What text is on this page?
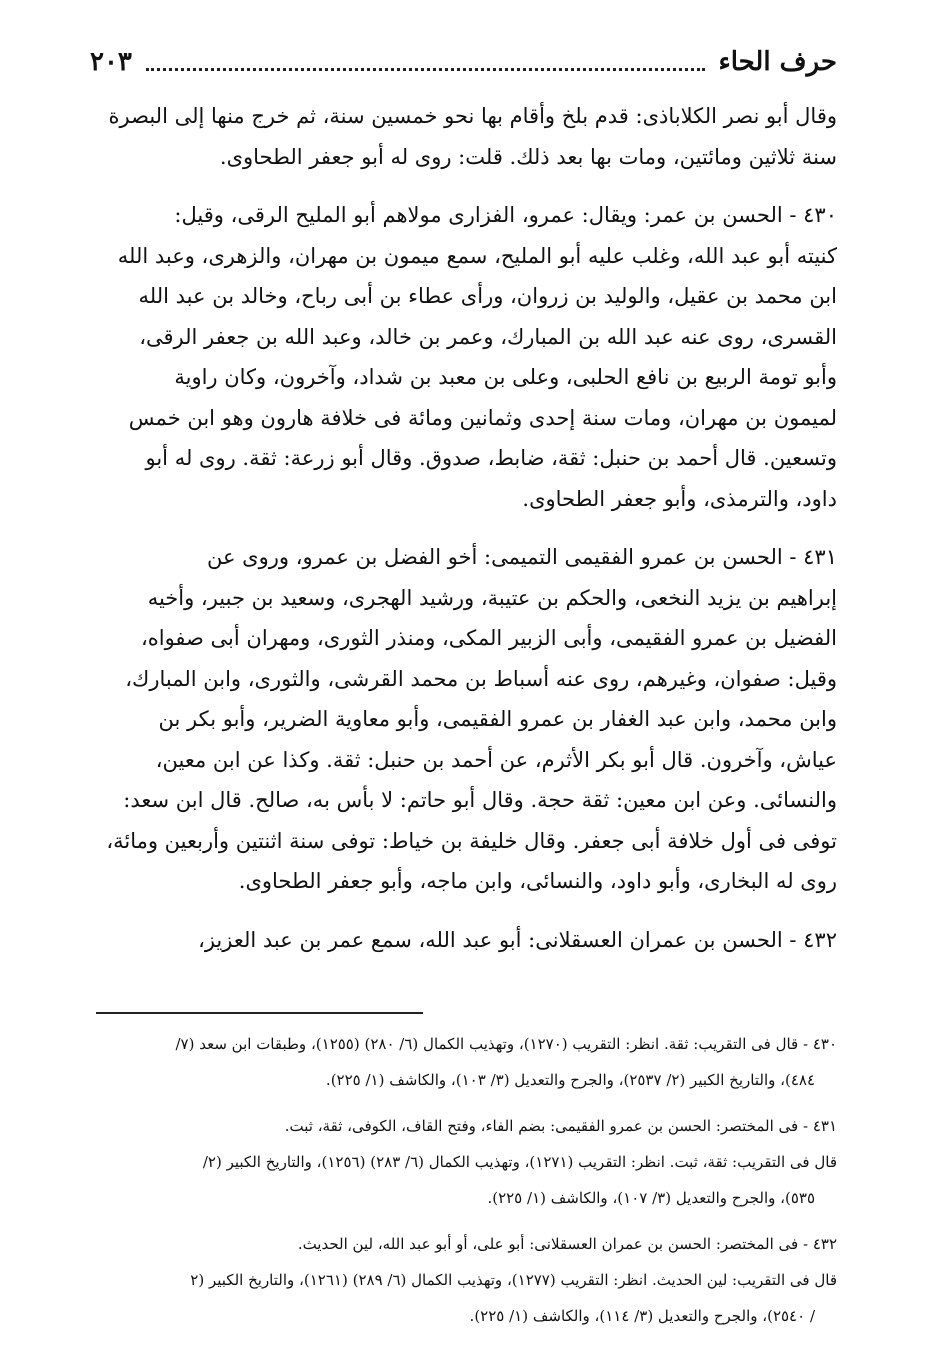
حرف الحاء
٢٠٣

وقال أبو نصر الكلاباذى: قدم بلخ وأقام بها نحو خمسين سنة، ثم خرج منها إلى البصرة

سنة ثلاثين ومائتين، ومات بها بعد ذلك. قلت: روى له أبو جعفر الطحاوى.

٤٣٠ - الحسن بن عمر: ويقال: عمرو، الفزارى مولاهم أبو المليح الرقى، وقيل:

كنيته أبو عبد الله، وغلب عليه أبو المليح، سمع ميمون بن مهران، والزهرى، وعبد الله

ابن محمد بن عقيل، والوليد بن زروان، ورأى عطاء بن أبى رباح، وخالد بن عبد الله

القسرى، روى عنه عبد الله بن المبارك، وعمر بن خالد، وعبد الله بن جعفر الرقى،

وأبو تومة الربيع بن نافع الحلبى، وعلى بن معبد بن شداد، وآخرون، وكان راوية

لميمون بن مهران، ومات سنة إحدى وثمانين ومائة فى خلافة هارون وهو ابن خمس

وتسعين. قال أحمد بن حنبل: ثقة، ضابط، صدوق. وقال أبو زرعة: ثقة. روى له أبو

داود، والترمذى، وأبو جعفر الطحاوى.

٤٣١ - الحسن بن عمرو الفقيمى التميمى: أخو الفضل بن عمرو، وروى عن

إبراهيم بن يزيد النخعى، والحكم بن عتيبة، ورشيد الهجرى، وسعيد بن جبير، وأخيه

الفضيل بن عمرو الفقيمى، وأبى الزبير المكى، ومنذر الثورى، ومهران أبى صفواه،

وقيل: صفوان، وغيرهم، روى عنه أسباط بن محمد القرشى، والثورى، وابن المبارك،

وابن محمد، وابن عبد الغفار بن عمرو الفقيمى، وأبو معاوية الضرير، وأبو بكر بن

عياش، وآخرون. قال أبو بكر الأثرم، عن أحمد بن حنبل: ثقة. وكذا عن ابن معين،

والنسائى. وعن ابن معين: ثقة حجة. وقال أبو حاتم: لا بأس به، صالح. قال ابن سعد:

توفى فى أول خلافة أبى جعفر. وقال خليفة بن خياط: توفى سنة اثنتين وأربعين ومائة،

روى له البخارى، وأبو داود، والنسائى، وابن ماجه، وأبو جعفر الطحاوى.

٤٣٢ - الحسن بن عمران العسقلانى: أبو عبد الله، سمع عمر بن عبد العزيز،

٤٣٠ - قال فى التقريب: ثقة. انظر: التقريب (١٢٧٠)، وتهذيب الكمال (٦/ ٢٨٠) (١٢٥٥)، وطبقات ابن سعد (٧/

٤٨٤)، والتاريخ الكبير (٢/ ٢٥٣٧)، والجرح والتعديل (٣/ ١٠٣)، والكاشف (١/ ٢٢٥).

٤٣١ - فى المختصر: الحسن بن عمرو الفقيمى: بضم الفاء، وفتح القاف، الكوفى، ثقة، ثبت.

قال فى التقريب: ثقة، ثبت. انظر: التقريب (١٢٧١)، وتهذيب الكمال (٦/ ٢٨٣) (١٢٥٦)، والتاريخ الكبير (٢/

٥٣٥)، والجرح والتعديل (٣/ ١٠٧)، والكاشف (١/ ٢٢٥).

٤٣٢ - فى المختصر: الحسن بن عمران العسقلانى: أبو على، أو أبو عبد الله، لين الحديث.

قال فى التقريب: لين الحديث. انظر: التقريب (١٢٧٧)، وتهذيب الكمال (٦/ ٢٨٩) (١٢٦١)، والتاريخ الكبير (٢

/ ٢٥٤٠)، والجرح والتعديل (٣/ ١١٤)، والكاشف (١/ ٢٢٥).
